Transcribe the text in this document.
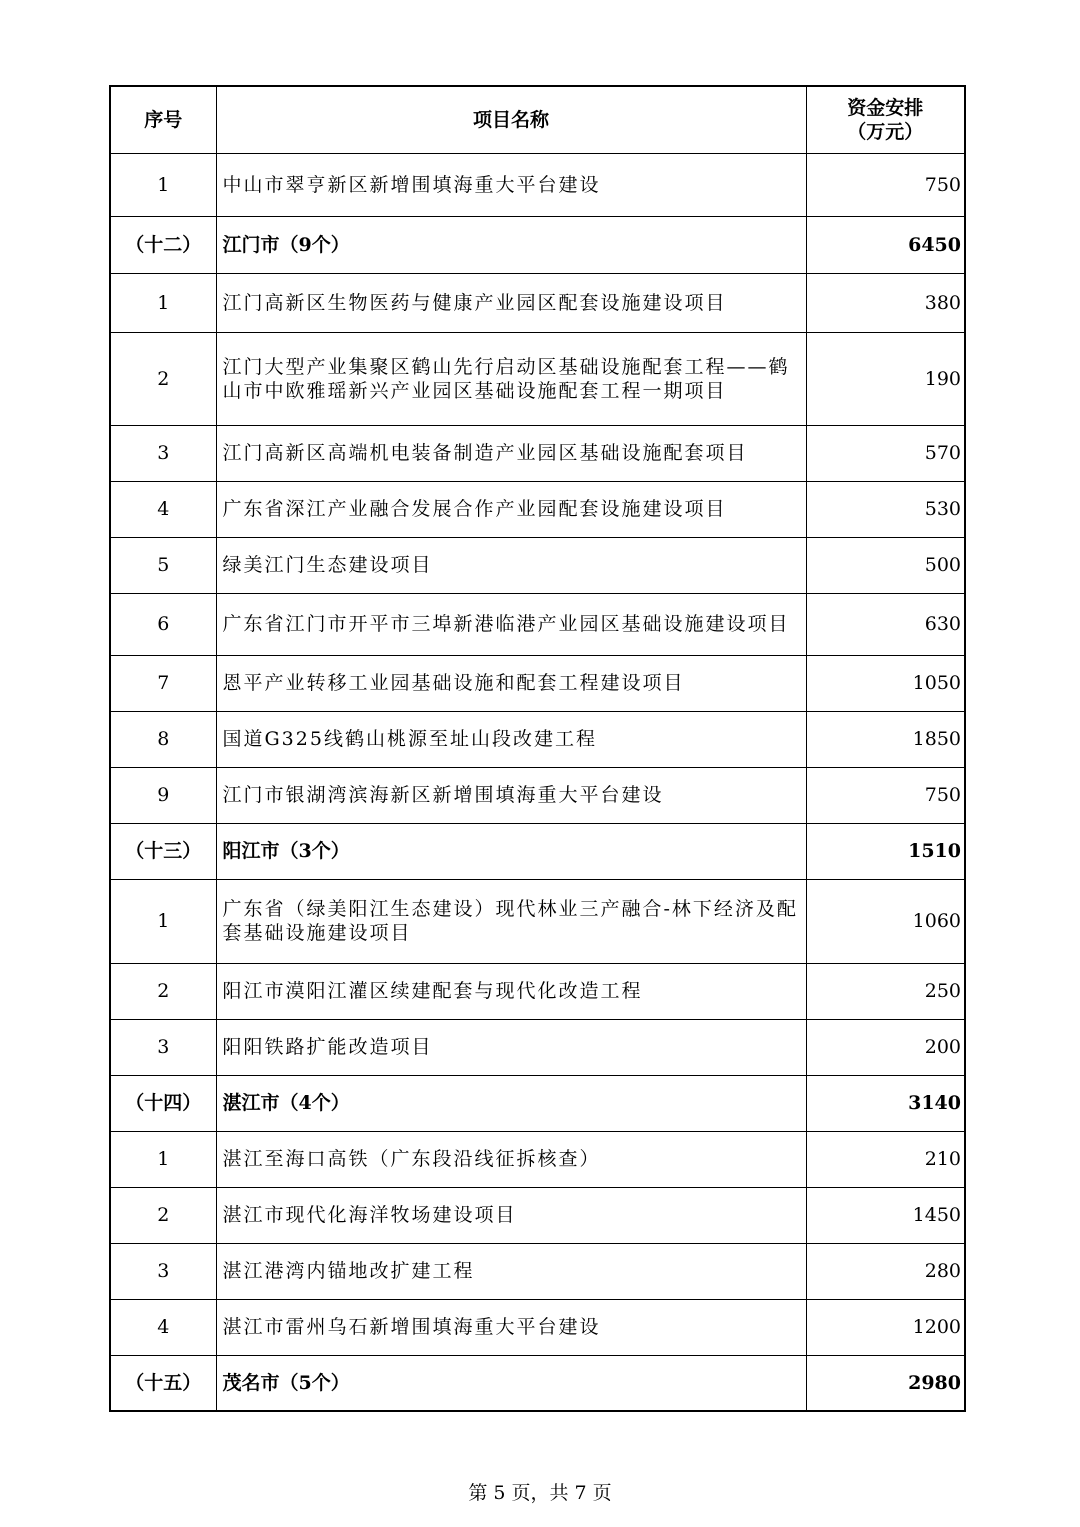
序号	项目名称	资金安排
（万元）

1	中山市翠亨新区新增围填海重大平台建设	750
（十二）	江门市（9个）	6450
1	江门高新区生物医药与健康产业园区配套设施建设项目	380
2	江门大型产业集聚区鹤山先行启动区基础设施配套工程——鹤山市中欧雅瑶新兴产业园区基础设施配套工程一期项目	190
3	江门高新区高端机电装备制造产业园区基础设施配套项目	570
4	广东省深江产业融合发展合作产业园配套设施建设项目	530
5	绿美江门生态建设项目	500
6	广东省江门市开平市三埠新港临港产业园区基础设施建设项目	630
7	恩平产业转移工业园基础设施和配套工程建设项目	1050
8	国道G325线鹤山桃源至址山段改建工程	1850
9	江门市银湖湾滨海新区新增围填海重大平台建设	750
（十三）	阳江市（3个）	1510
1	广东省（绿美阳江生态建设）现代林业三产融合-林下经济及配套基础设施建设项目	1060
2	阳江市漠阳江灌区续建配套与现代化改造工程	250
3	阳阳铁路扩能改造项目	200
（十四）	湛江市（4个）	3140
1	湛江至海口高铁（广东段沿线征拆核查）	210
2	湛江市现代化海洋牧场建设项目	1450
3	湛江港湾内锚地改扩建工程	280
4	湛江市雷州乌石新增围填海重大平台建设	1200
（十五）	茂名市（5个）	2980
第 5 页，共 7 页
